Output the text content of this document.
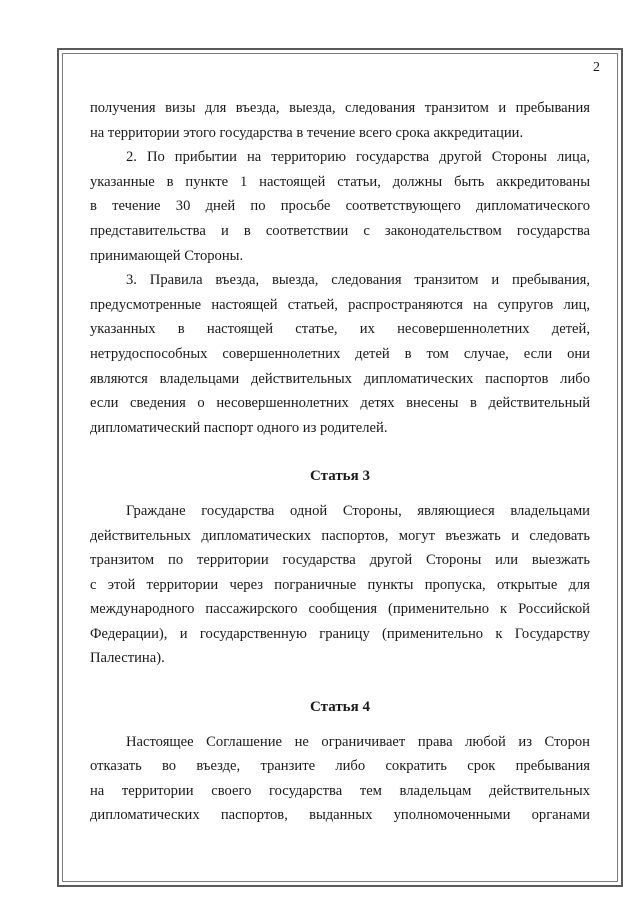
2
получения визы для въезда, выезда, следования транзитом и пребывания
на территории этого государства в течение всего срока аккредитации.
2. По прибытии на территорию государства другой Стороны лица,
указанные в пункте 1 настоящей статьи, должны быть аккредитованы
в течение 30 дней по просьбе соответствующего дипломатического
представительства и в соответствии с законодательством государства
принимающей Стороны.
3. Правила въезда, выезда, следования транзитом и пребывания,
предусмотренные настоящей статьей, распространяются на супругов лиц,
указанных в настоящей статье, их несовершеннолетних детей,
нетрудоспособных совершеннолетних детей в том случае, если они
являются владельцами действительных дипломатических паспортов либо
если сведения о несовершеннолетних детях внесены в действительный
дипломатический паспорт одного из родителей.
Статья 3
Граждане государства одной Стороны, являющиеся владельцами
действительных дипломатических паспортов, могут въезжать и следовать
транзитом по территории государства другой Стороны или выезжать
с этой территории через пограничные пункты пропуска, открытые для
международного пассажирского сообщения (применительно к Российской
Федерации), и государственную границу (применительно к Государству
Палестина).
Статья 4
Настоящее Соглашение не ограничивает права любой из Сторон
отказать во въезде, транзите либо сократить срок пребывания
на территории своего государства тем владельцам действительных
дипломатических паспортов, выданных уполномоченными органами
